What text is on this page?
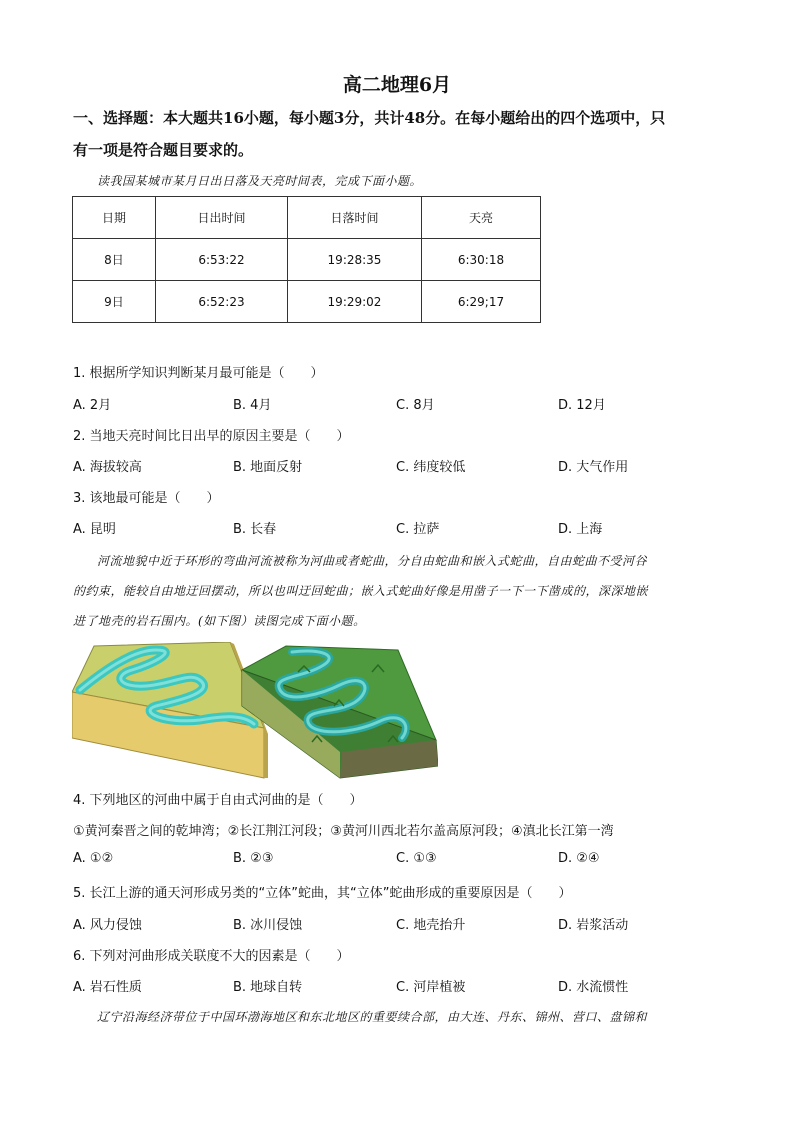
高二地理6月
一、选择题：本大题共16小题，每小题3分，共计48分。在每小题给出的四个选项中，只
有一项是符合题目要求的。
读我国某城市某月日出日落及天亮时间表，完成下面小题。
日期	日出时间	日落时间	天亮
8日	6:53:22	19:28:35	6:30:18
9日	6:52:23	19:29:02	6:29;17
1. 根据所学知识判断某月最可能是（　　）
A. 2月	B. 4月	C. 8月	D. 12月
2. 当地天亮时间比日出早的原因主要是（　　）
A. 海拔较高	B. 地面反射	C. 纬度较低	D. 大气作用
3. 该地最可能是（　　）
A. 昆明	B. 长春	C. 拉萨	D. 上海
河流地貌中近于环形的弯曲河流被称为河曲或者蛇曲，分自由蛇曲和嵌入式蛇曲，自由蛇曲不受河谷
的约束，能较自由地迂回摆动，所以也叫迂回蛇曲；嵌入式蛇曲好像是用凿子一下一下凿成的，深深地嵌
进了地壳的岩石围内。(如下图）读图完成下面小题。
4. 下列地区的河曲中属于自由式河曲的是（　　）
①黄河秦晋之间的乾坤湾；②长江荆江河段；③黄河川西北若尔盖高原河段；④滇北长江第一湾
A. ①②	B. ②③	C. ①③	D. ②④
5. 长江上游的通天河形成另类的“立体”蛇曲，其“立体”蛇曲形成的重要原因是（　　）
A. 风力侵蚀	B. 冰川侵蚀	C. 地壳抬升	D. 岩浆活动
6. 下列对河曲形成关联度不大的因素是（　　）
A. 岩石性质	B. 地球自转	C. 河岸植被	D. 水流惯性
辽宁沿海经济带位于中国环渤海地区和东北地区的重要续合部，由大连、丹东、锦州、营口、盘锦和
